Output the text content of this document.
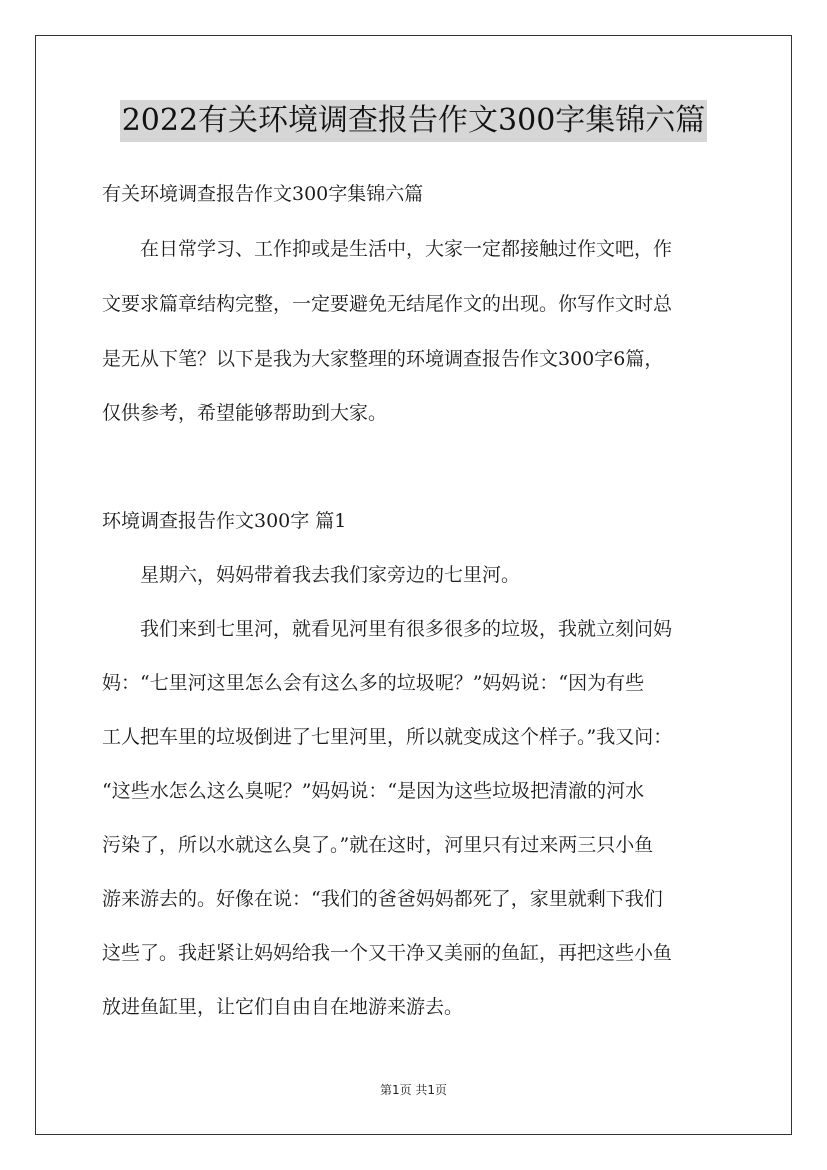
2022有关环境调查报告作文300字集锦六篇
有关环境调查报告作文300字集锦六篇
在日常学习、工作抑或是生活中，大家一定都接触过作文吧，作
文要求篇章结构完整，一定要避免无结尾作文的出现。你写作文时总
是无从下笔？以下是我为大家整理的环境调查报告作文300字6篇，
仅供参考，希望能够帮助到大家。
环境调查报告作文300字 篇1
星期六，妈妈带着我去我们家旁边的七里河。
我们来到七里河，就看见河里有很多很多的垃圾，我就立刻问妈
妈：“七里河这里怎么会有这么多的垃圾呢？”妈妈说：“因为有些
工人把车里的垃圾倒进了七里河里，所以就变成这个样子。”我又问：
“这些水怎么这么臭呢？”妈妈说：“是因为这些垃圾把清澈的河水
污染了，所以水就这么臭了。”就在这时，河里只有过来两三只小鱼
游来游去的。好像在说：“我们的爸爸妈妈都死了，家里就剩下我们
这些了。我赶紧让妈妈给我一个又干净又美丽的鱼缸，再把这些小鱼
放进鱼缸里，让它们自由自在地游来游去。
第1页 共1页
